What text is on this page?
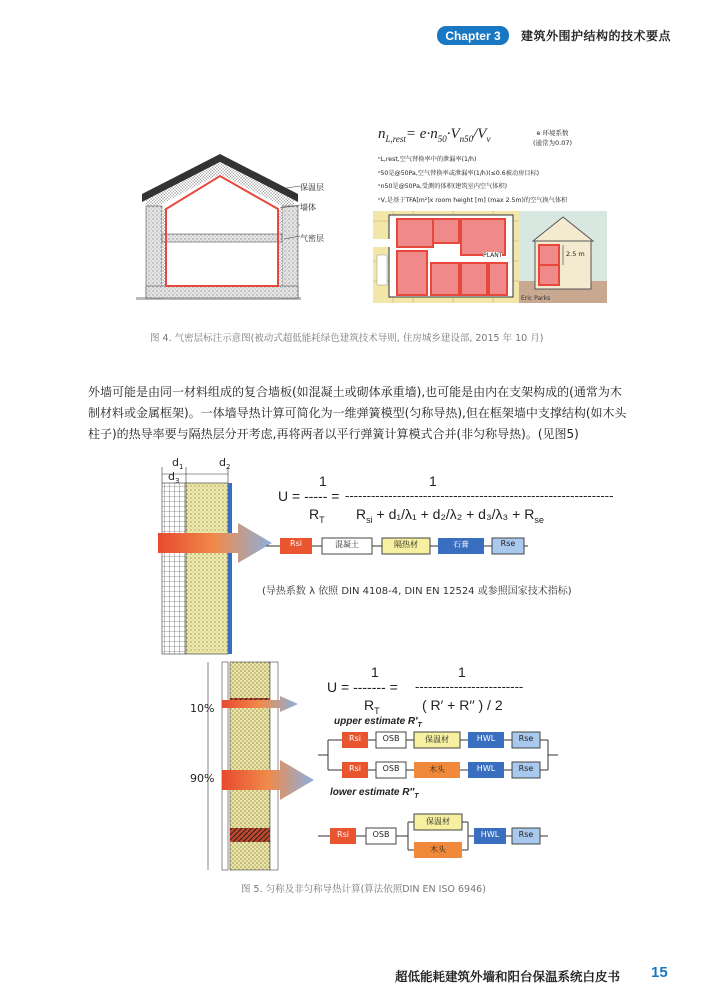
Chapter 3	建筑外围护结构的技术要点
保温层
墙体
气密层
$n_{L,rest}= e\cdot n_{50}\cdot V_{n50}/V_v$
e 环境系数
(通常为0.07)
ⁿL,rest,空气替换率中的泄漏率(1/h)
ⁿ50是@50Pa,空气替换率或泄漏率(1/h)(≤0.6被动房目标)
ᵛn50是@50Pa,受测的体积(建筑室内空气体积)
ᵛV,是基于TFA[m²]x room height [m] (max 2.5m)的空气换气体积
PLANT	2.5 m
Eric Parks
图 4. 气密层标注示意图(被动式超低能耗绿色建筑技术导则, 住房城乡建设部, 2015 年 10 月)
外墙可能是由同一材料组成的复合墙板(如混凝土或砌体承重墙),也可能是由内在支架构成的(通常为木制材料或金属框架)。一体墙导热计算可简化为一维弹簧模型(匀称导热),但在框架墙中支撑结构(如木头柱子)的热导率要与隔热层分开考虑,再将两者以平行弹簧计算模式合并(非匀称导热)。(见图5)
$d_1$	$d_2$
$d_3$	1	1
U = ----- = --------------------------------------------------------------
$R_T$ $R_{si} + d_1/\lambda_1 + d_2/\lambda_2 + d_3/\lambda_3 + R_{se}$
Rsi	混凝土	隔热材	石膏	Rse
(导热系数 λ 依照 DIN 4108-4, DIN EN 12524 或参照国家技术指标)
10%
90%
1	1
U = ------- = -------------------------
$R_T$	( R′ + R′′ ) / 2
upper estimate $R'_T$
lower estimate $R''_T$
Rsi	OSB	保温材	HWL	Rse
Rsi	OSB	木头	HWL	Rse
Rsi	OSB
保温材
木头
HWL	Rse
图 5. 匀称及非匀称导热计算(算法依照DIN EN ISO 6946)
超低能耗建筑外墙和阳台保温系统白皮书 15
